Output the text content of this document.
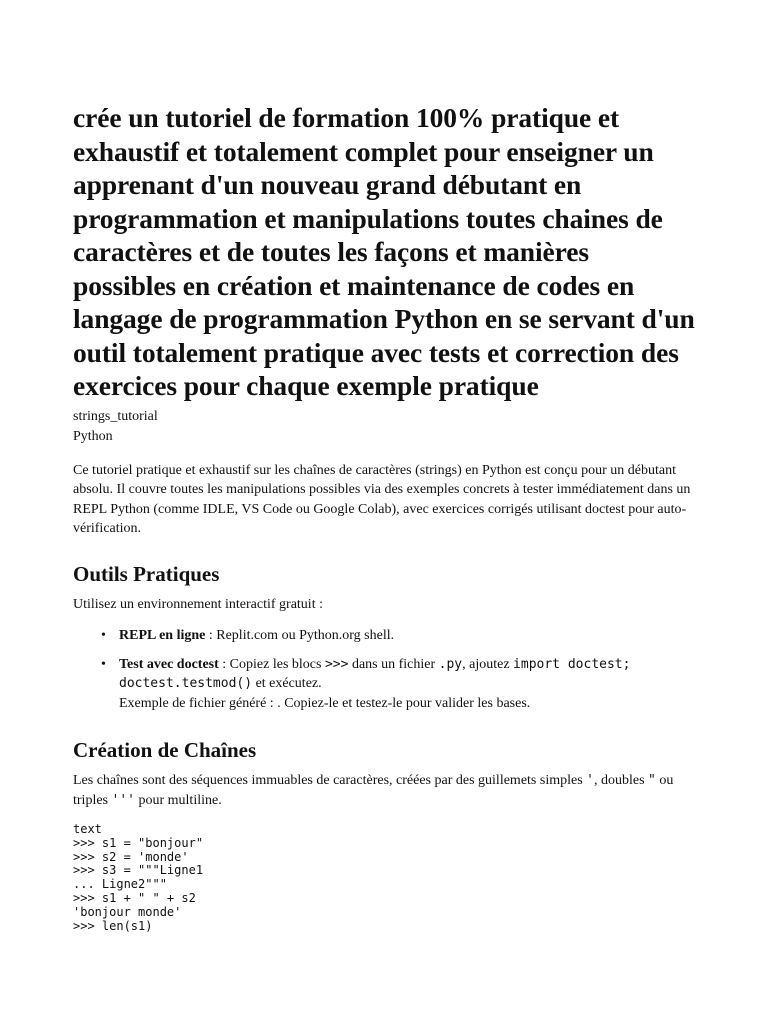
crée un tutoriel de formation 100% pratique et exhaustif et totalement complet pour enseigner un apprenant d'un nouveau grand débutant en programmation et manipulations toutes chaines de caractères et de toutes les façons et manières possibles en création et maintenance de codes en langage de programmation Python en se servant d'un outil totalement pratique avec tests et correction des exercices pour chaque exemple pratique
strings_tutorial
Python

Ce tutoriel pratique et exhaustif sur les chaînes de caractères (strings) en Python est conçu pour un débutant absolu. Il couvre toutes les manipulations possibles via des exemples concrets à tester immédiatement dans un REPL Python (comme IDLE, VS Code ou Google Colab), avec exercices corrigés utilisant doctest pour auto-vérification.

Outils Pratiques

Utilisez un environnement interactif gratuit :

• REPL en ligne : Replit.com ou Python.org shell.
• Test avec doctest : Copiez les blocs >>> dans un fichier .py, ajoutez import doctest; doctest.testmod() et exécutez.
Exemple de fichier généré : . Copiez-le et testez-le pour valider les bases.
Création de Chaînes

Les chaînes sont des séquences immuables de caractères, créées par des guillemets simples ', doubles " ou triples ''' pour multiline.

text
>>> s1 = "bonjour"
>>> s2 = 'monde'
>>> s3 = """Ligne1
... Ligne2"""
>>> s1 + " " + s2
'bonjour monde'
>>> len(s1)
